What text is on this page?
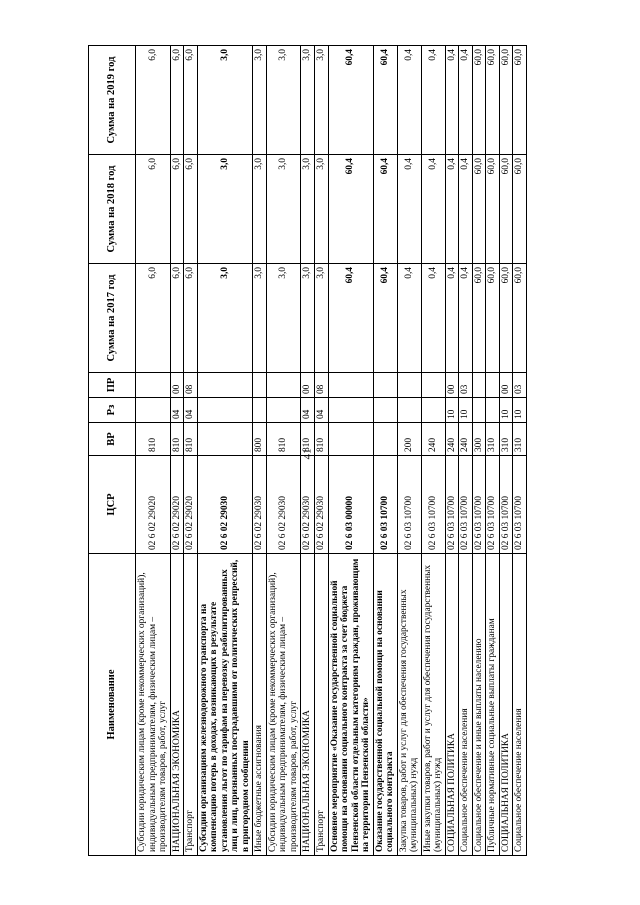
41
Наименование	ЦСР	ВР	Рз	ПР	Сумма на 2017 год	Сумма на 2018 год	Сумма на 2019 год
Субсидии юридическим лицам (кроме некоммерческих организаций), индивидуальным предпринимателям, физическим лицам – производителям товаров, работ, услуг	02 6 02 29020	810			6,0	6,0	6,0
НАЦИОНАЛЬНАЯ ЭКОНОМИКА	02 6 02 29020	810	04	00	6,0	6,0	6,0
Транспорт	02 6 02 29020	810	04	08	6,0	6,0	6,0
Субсидии организациям железнодорожного транспорта на компенсацию потерь в доходах, возникающих в результате установления льгот по тарифам на перевозку реабилитированных лиц и лиц, признанных пострадавшими от политических репрессий, в пригородном сообщении	02 6 02 29030				3,0	3,0	3,0
Иные бюджетные ассигнования	02 6 02 29030	800			3,0	3,0	3,0
Субсидии юридическим лицам (кроме некоммерческих организаций), индивидуальным предпринимателям, физическим лицам – производителям товаров, работ, услуг	02 6 02 29030	810			3,0	3,0	3,0
НАЦИОНАЛЬНАЯ ЭКОНОМИКА	02 6 02 29030	810	04	00	3,0	3,0	3,0
Транспорт	02 6 02 29030	810	04	08	3,0	3,0	3,0
Основное мероприятие «Оказание государственной социальной помощи на основании социального контракта за счет бюджета Пензенской области отдельным категориям граждан, проживающим на территории Пензенской области»	02 6 03 00000				60,4	60,4	60,4
Оказание государственной социальной помощи на основании социального контракта	02 6 03 10700				60,4	60,4	60,4
Закупка товаров, работ и услуг для обеспечения государственных (муниципальных) нужд	02 6 03 10700	200			0,4	0,4	0,4
Иные закупки товаров, работ и услуг для обеспечения государственных (муниципальных) нужд	02 6 03 10700	240			0,4	0,4	0,4
СОЦИАЛЬНАЯ ПОЛИТИКА	02 6 03 10700	240	10	00	0,4	0,4	0,4
Социальное обеспечение населения	02 6 03 10700	240	10	03	0,4	0,4	0,4
Социальное обеспечение и иные выплаты населению	02 6 03 10700	300			60,0	60,0	60,0
Публичные нормативные социальные выплаты гражданам	02 6 03 10700	310			60,0	60,0	60,0
СОЦИАЛЬНАЯ ПОЛИТИКА	02 6 03 10700	310	10	00	60,0	60,0	60,0
Социальное обеспечение населения	02 6 03 10700	310	10	03	60,0	60,0	60,0
